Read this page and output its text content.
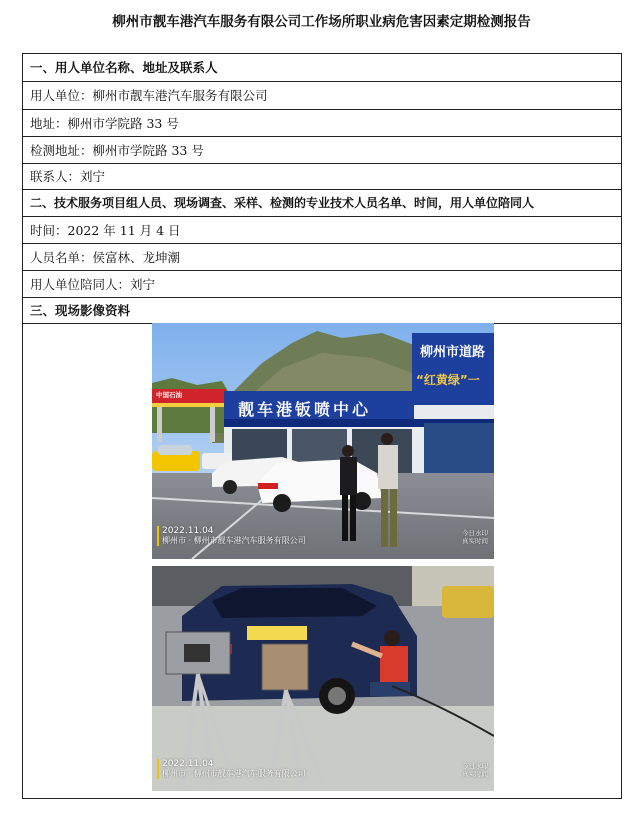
柳州市靓车港汽车服务有限公司工作场所职业病危害因素定期检测报告
一、用人单位名称、地址及联系人
用人单位：柳州市靓车港汽车服务有限公司
地址：柳州市学院路 33 号
检测地址：柳州市学院路 33 号
联系人：刘宁
二、技术服务项目组人员、现场调查、采样、检测的专业技术人员名单、时间，用人单位陪同人
时间：2022 年 11 月 4 日
人员名单：侯富林、龙坤潮
用人单位陪同人：刘宁
三、现场影像资料
靓车港钣喷中心
柳州市道路
“红黄绿”一
中国石油
2022.11.04
柳州市 · 柳州市靓车港汽车服务有限公司
今日水印
真实时间
2022.11.04
柳州市 · 柳州市靓车港汽车服务有限公司
今日水印
真实时间
